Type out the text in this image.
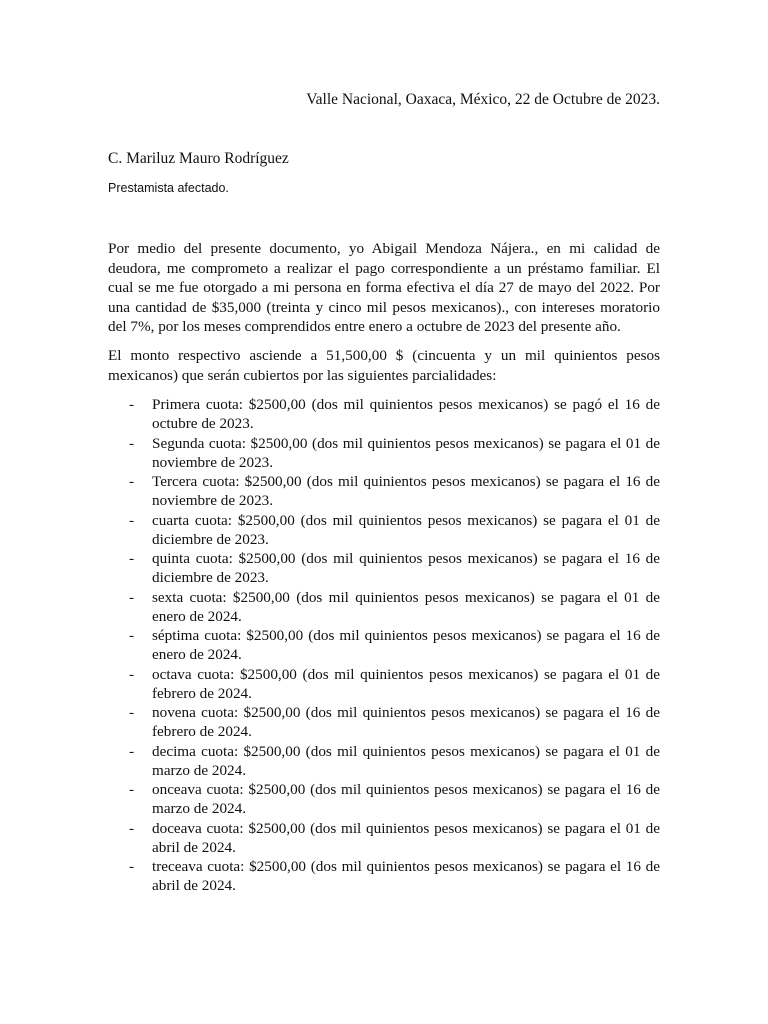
Valle Nacional, Oaxaca, México, 22 de Octubre de 2023.
C. Mariluz Mauro Rodríguez
Prestamista afectado.

Por medio del presente documento, yo Abigail Mendoza Nájera., en mi calidad de deudora, me comprometo a realizar el pago correspondiente a un préstamo familiar. El cual se me fue otorgado a mi persona en forma efectiva el día 27 de mayo del 2022. Por una cantidad de $35,000 (treinta y cinco mil pesos mexicanos)., con intereses moratorio del 7%, por los meses comprendidos entre enero a octubre de 2023 del presente año.

El monto respectivo asciende a 51,500,00 $ (cincuenta y un mil quinientos pesos mexicanos) que serán cubiertos por las siguientes parcialidades:

- Primera cuota: $2500,00 (dos mil quinientos pesos mexicanos) se pagó el 16 de octubre de 2023.
- Segunda cuota: $2500,00 (dos mil quinientos pesos mexicanos) se pagara el 01 de noviembre de 2023.
- Tercera cuota: $2500,00 (dos mil quinientos pesos mexicanos) se pagara el 16 de noviembre de 2023.
- cuarta cuota: $2500,00 (dos mil quinientos pesos mexicanos) se pagara el 01 de diciembre de 2023.
- quinta cuota: $2500,00 (dos mil quinientos pesos mexicanos) se pagara el 16 de diciembre de 2023.
- sexta cuota: $2500,00 (dos mil quinientos pesos mexicanos) se pagara el 01 de enero de 2024.
- séptima cuota: $2500,00 (dos mil quinientos pesos mexicanos) se pagara el 16 de enero de 2024.
- octava cuota: $2500,00 (dos mil quinientos pesos mexicanos) se pagara el 01 de febrero de 2024.
- novena cuota: $2500,00 (dos mil quinientos pesos mexicanos) se pagara el 16 de febrero de 2024.
- decima cuota: $2500,00 (dos mil quinientos pesos mexicanos) se pagara el 01 de marzo de 2024.
- onceava cuota: $2500,00 (dos mil quinientos pesos mexicanos) se pagara el 16 de marzo de 2024.
- doceava cuota: $2500,00 (dos mil quinientos pesos mexicanos) se pagara el 01 de abril de 2024.
- treceava cuota: $2500,00 (dos mil quinientos pesos mexicanos) se pagara el 16 de abril de 2024.
